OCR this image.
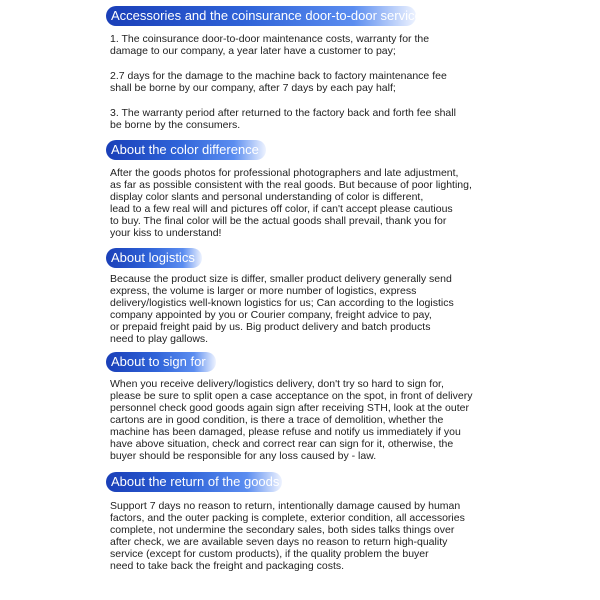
Accessories and the coinsurance door-to-door service

1. The coinsurance door-to-door maintenance costs, warranty for the
damage to our company, a year later have a customer to pay;

2.7 days for the damage to the machine back to factory maintenance fee
shall be borne by our company, after 7 days by each pay half;

3. The warranty period after returned to the factory back and forth fee shall
be borne by the consumers.

About the color difference

After the goods photos for professional photographers and late adjustment,
as far as possible consistent with the real goods. But because of poor lighting,
display color slants and personal understanding of color is different,
lead to a few real will and pictures off color, if can't accept please cautious
to buy. The final color will be the actual goods shall prevail, thank you for
your kiss to understand!

About logistics

Because the product size is differ, smaller product delivery generally send
express, the volume is larger or more number of logistics, express
delivery/logistics well-known logistics for us; Can according to the logistics
company appointed by you or Courier company, freight advice to pay,
or prepaid freight paid by us. Big product delivery and batch products
need to play gallows.

About to sign for

When you receive delivery/logistics delivery, don't try so hard to sign for,
please be sure to split open a case acceptance on the spot, in front of delivery
personnel check good goods again sign after receiving STH, look at the outer
cartons are in good condition, is there a trace of demolition, whether the
machine has been damaged, please refuse and notify us immediately if you
have above situation, check and correct rear can sign for it, otherwise, the
buyer should be responsible for any loss caused by - law.

About the return of the goods

Support 7 days no reason to return, intentionally damage caused by human
factors, and the outer packing is complete, exterior condition, all accessories
complete, not undermine the secondary sales, both sides talks things over
after check, we are available seven days no reason to return high-quality
service (except for custom products), if the quality problem the buyer
need to take back the freight and packaging costs.
